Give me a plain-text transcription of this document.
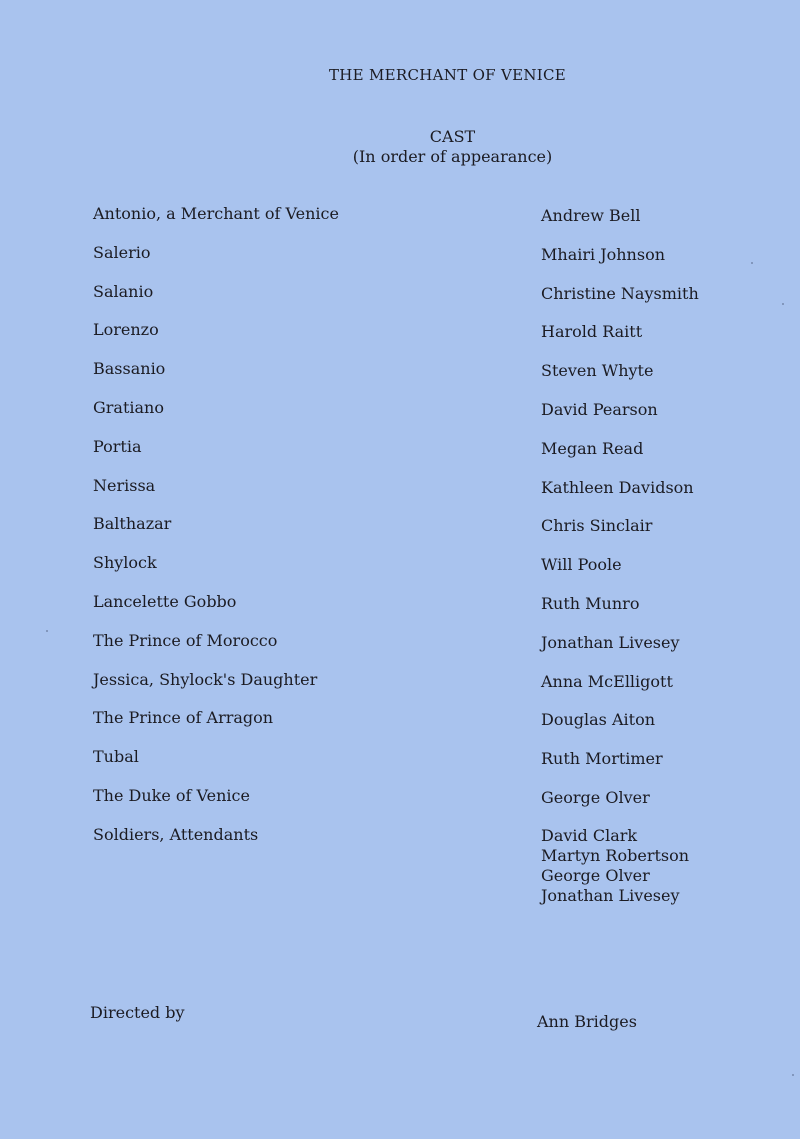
THE MERCHANT OF VENICE
CAST
(In order of appearance)
Antonio, a Merchant of Venice
Salerio
Salanio
Lorenzo
Bassanio
Gratiano
Portia
Nerissa
Balthazar
Shylock
Lancelette Gobbo
The Prince of Morocco
Jessica, Shylock's Daughter
The Prince of Arragon
Tubal
The Duke of Venice
Soldiers, Attendants
Andrew Bell
Mhairi Johnson
Christine Naysmith
Harold Raitt
Steven Whyte
David Pearson
Megan Read
Kathleen Davidson
Chris Sinclair
Will Poole
Ruth Munro
Jonathan Livesey
Anna McElligott
Douglas Aiton
Ruth Mortimer
George Olver
David Clark
Martyn Robertson
George Olver
Jonathan Livesey
Directed by	Ann Bridges
